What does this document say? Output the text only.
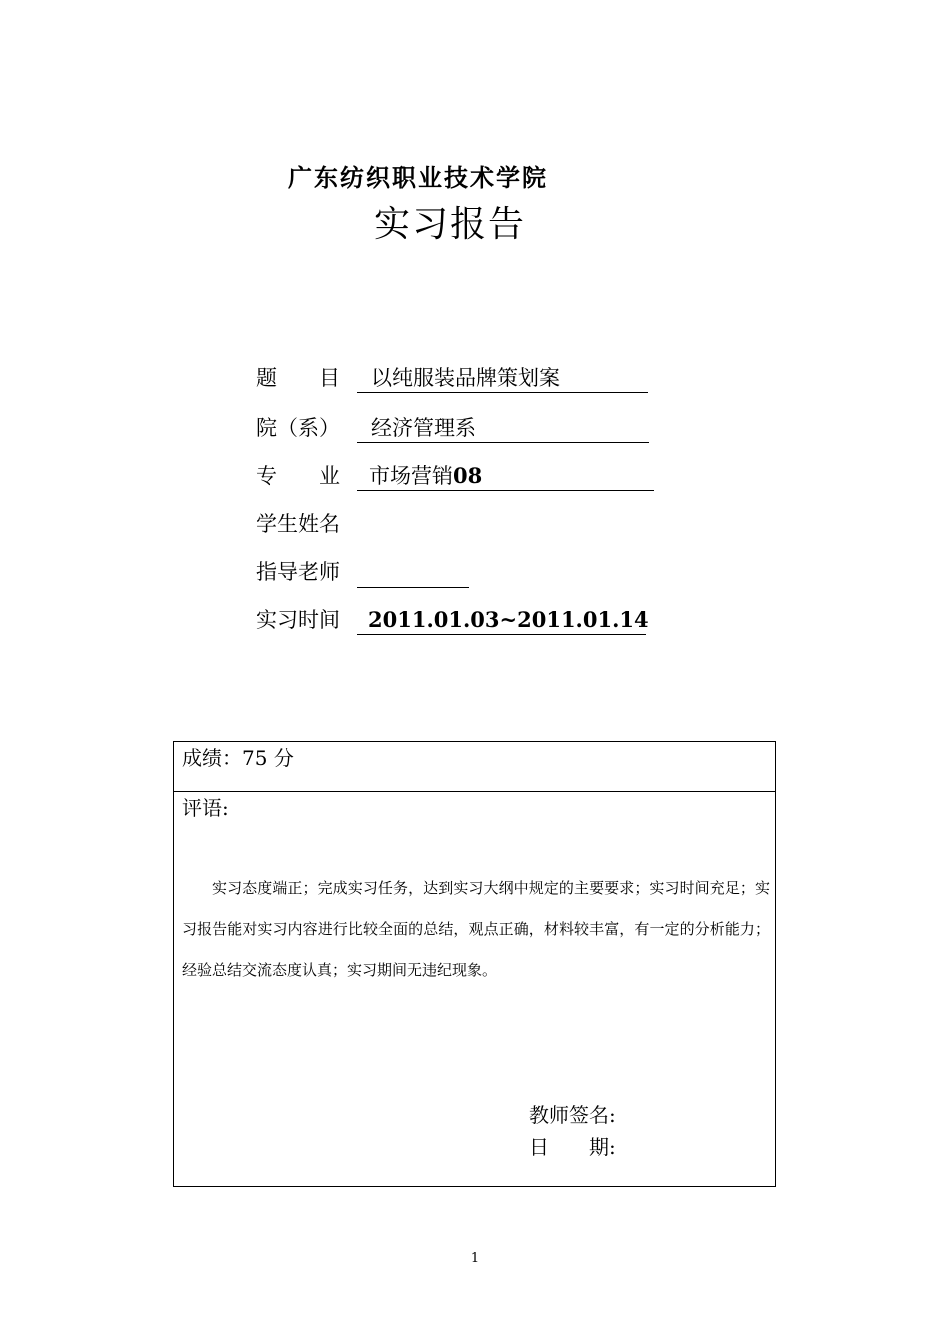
广东纺织职业技术学院
实习报告
题　　目	以纯服装品牌策划案
院（系）	经济管理系
专　　业	市场营销08
学生姓名
指导老师
实习时间	2011.01.03~2011.01.14
成绩：75 分
评语:
实习态度端正；完成实习任务，达到实习大纲中规定的主要要求；实习时间充足；实习报告能对实习内容进行比较全面的总结，观点正确，材料较丰富，有一定的分析能力；经验总结交流态度认真；实习期间无违纪现象。
教师签名:
日　　期:
1
